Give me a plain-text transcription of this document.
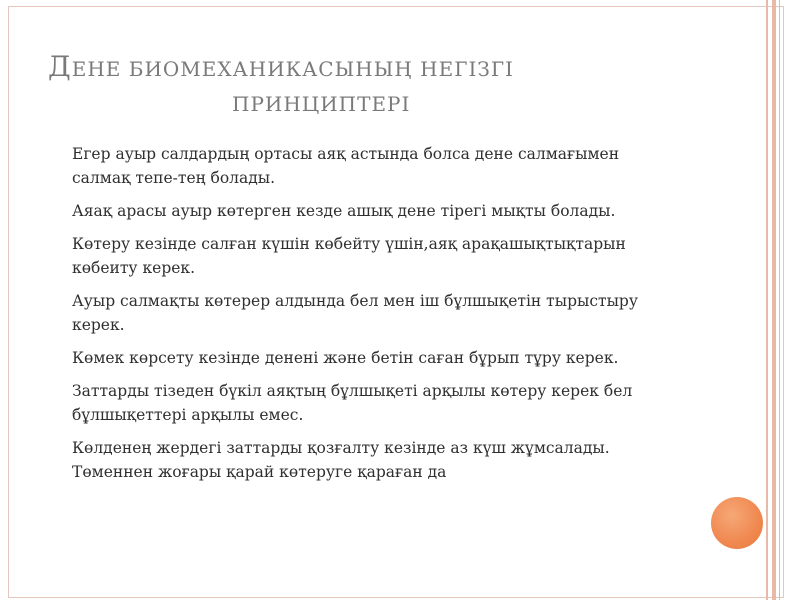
ДЕНЕ БИОМЕХАНИКАСЫНЫҢ НЕГІЗГІ
ПРИНЦИПТЕРІ
Егер ауыр салдардың ортасы аяқ астында болса дене салмағымен салмақ тепе-тең болады.
Аяақ арасы ауыр көтерген кезде ашық дене тірегі мықты болады.
Көтеру кезінде салған күшін көбейту үшін,аяқ арақашықтықтарын көбеиту керек.
Ауыр салмақты көтерер алдында бел мен іш бұлшықетін тырыстыру керек.
Көмек көрсету кезінде денені және бетін саған бұрып тұру керек.
Заттарды тізеден бүкіл аяқтың бұлшықеті арқылы көтеру керек бел бұлшықеттері арқылы емес.
Көлденең жердегі заттарды қозғалту кезінде аз күш жұмсалады. Төменнен жоғары қарай көтеруге қараған да
